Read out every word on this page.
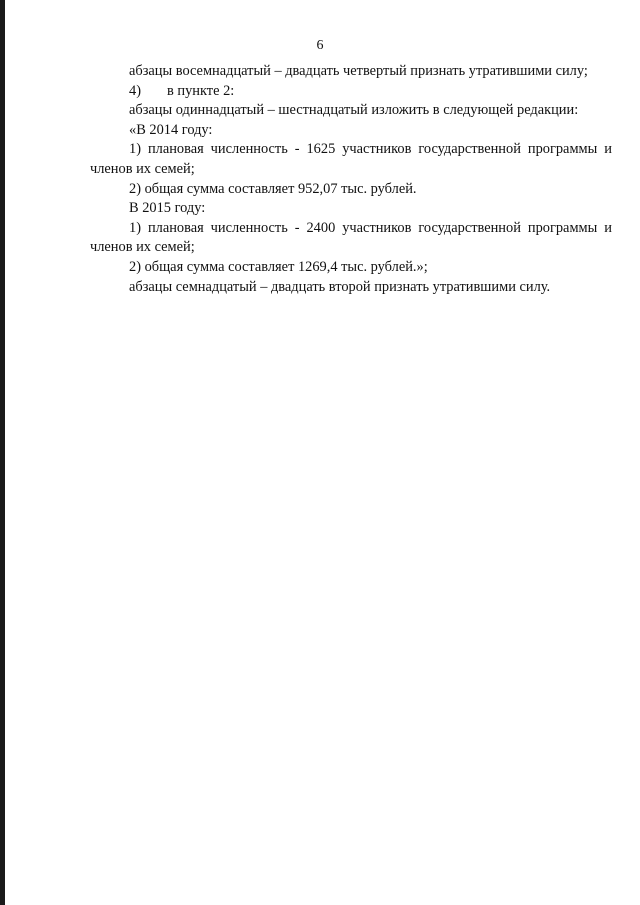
6

абзацы восемнадцатый – двадцать четвертый признать утратившими силу;

4) в пункте 2:

абзацы одиннадцатый – шестнадцатый изложить в следующей редакции:

«В 2014 году:

1) плановая численность - 1625 участников государственной программы и членов их семей;

2) общая сумма составляет 952,07 тыс. рублей.

В 2015 году:

1) плановая численность - 2400 участников государственной программы и членов их семей;

2) общая сумма составляет 1269,4 тыс. рублей.»;

абзацы семнадцатый – двадцать второй признать утратившими силу.
